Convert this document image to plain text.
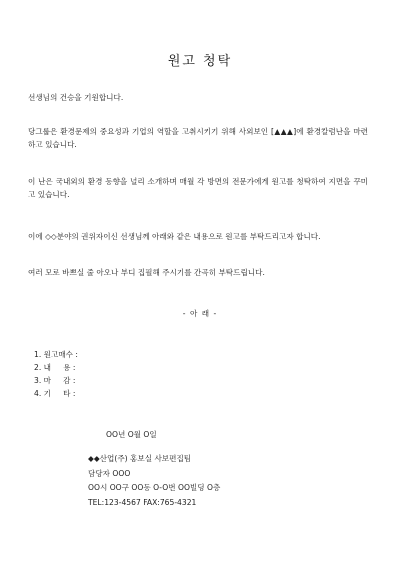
원고 청탁
선생님의 건승을 기원합니다.
당그룹은 환경문제의 중요성과 기업의 역할을 고취시키기 위해 사외보인 [▲▲▲]에 환경칼럼난을 마련하고 있습니다.
이 난은 국내외의 환경 동향을 널리 소개하며 매월 각 방면의 전문가에게 원고를 청탁하여 지면을 꾸미고 있습니다.
이에 ◇◇분야의 권위자이신 선생님께 아래와 같은 내용으로 원고를 부탁드리고자 합니다.
여러 모로 바쁘실 줄 아오나 부디 집필해 주시기를 간곡히 부탁드립니다.
- 아 래 -
1. 원고매수 :
2. 내     용 :
3. 마     감 :
4. 기     타 :
OO년 O월 O일
◆◆산업(주) 홍보실 사보편집팀
담당자 OOO
OO시 OO구 OO동 O-O번 OO빌딩 O층
TEL:123-4567 FAX:765-4321
